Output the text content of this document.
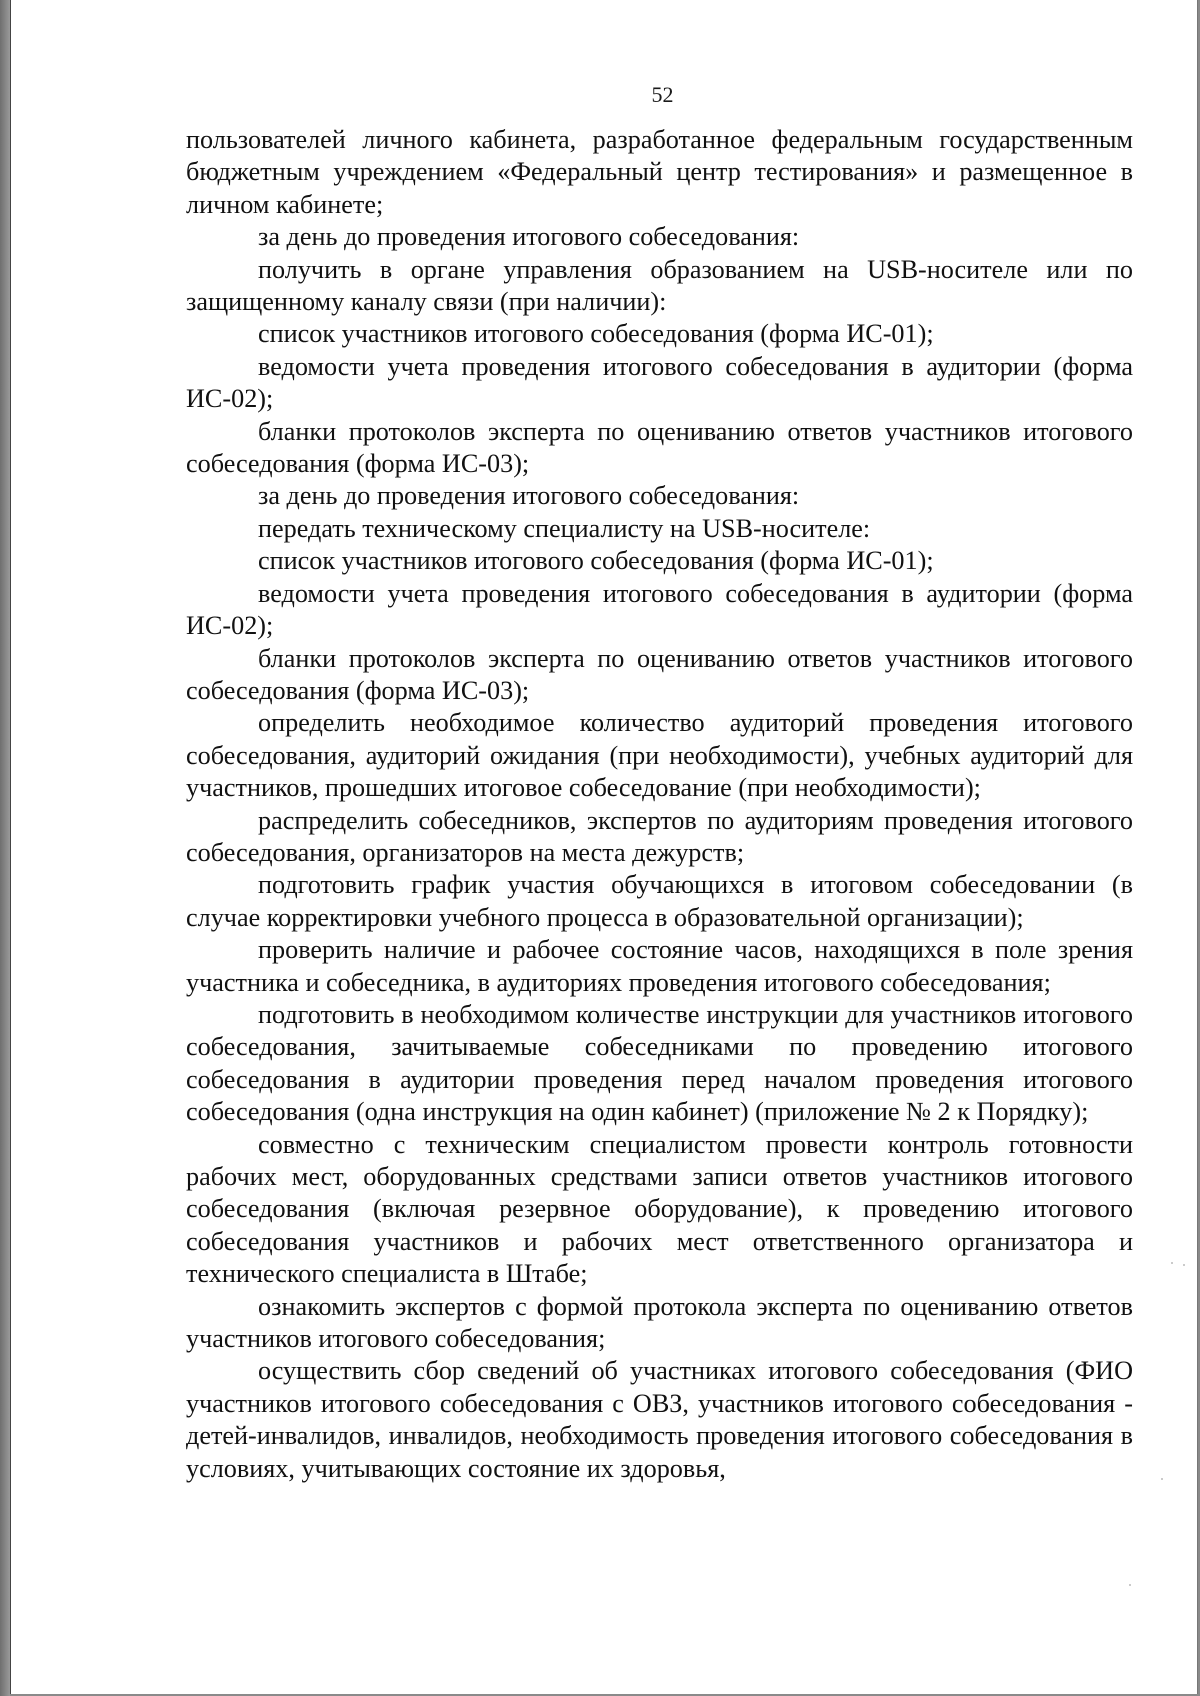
52

пользователей личного кабинета, разработанное федеральным государственным бюджетным учреждением «Федеральный центр тестирования» и размещенное в личном кабинете;

за день до проведения итогового собеседования:

получить в органе управления образованием на USB-носителе или по защищенному каналу связи (при наличии):

список участников итогового собеседования (форма ИС-01);

ведомости учета проведения итогового собеседования в аудитории (форма ИС-02);

бланки протоколов эксперта по оцениванию ответов участников итогового собеседования (форма ИС-03);

за день до проведения итогового собеседования:

передать техническому специалисту на USB-носителе:

список участников итогового собеседования (форма ИС-01);

ведомости учета проведения итогового собеседования в аудитории (форма ИС-02);

бланки протоколов эксперта по оцениванию ответов участников итогового собеседования (форма ИС-03);

определить необходимое количество аудиторий проведения итогового собеседования, аудиторий ожидания (при необходимости), учебных аудиторий для участников, прошедших итоговое собеседование (при необходимости);

распределить собеседников, экспертов по аудиториям проведения итогового собеседования, организаторов на места дежурств;

подготовить график участия обучающихся в итоговом собеседовании (в случае корректировки учебного процесса в образовательной организации);

проверить наличие и рабочее состояние часов, находящихся в поле зрения участника и собеседника, в аудиториях проведения итогового собеседования;

подготовить в необходимом количестве инструкции для участников итогового собеседования, зачитываемые собеседниками по проведению итогового собеседования в аудитории проведения перед началом проведения итогового собеседования (одна инструкция на один кабинет) (приложение № 2 к Порядку);

совместно с техническим специалистом провести контроль готовности рабочих мест, оборудованных средствами записи ответов участников итогового собеседования (включая резервное оборудование), к проведению итогового собеседования участников и рабочих мест ответственного организатора и технического специалиста в Штабе;

ознакомить экспертов с формой протокола эксперта по оцениванию ответов участников итогового собеседования;

осуществить сбор сведений об участниках итогового собеседования (ФИО участников итогового собеседования с ОВЗ, участников итогового собеседования - детей-инвалидов, инвалидов, необходимость проведения итогового собеседования в условиях, учитывающих состояние их здоровья,
